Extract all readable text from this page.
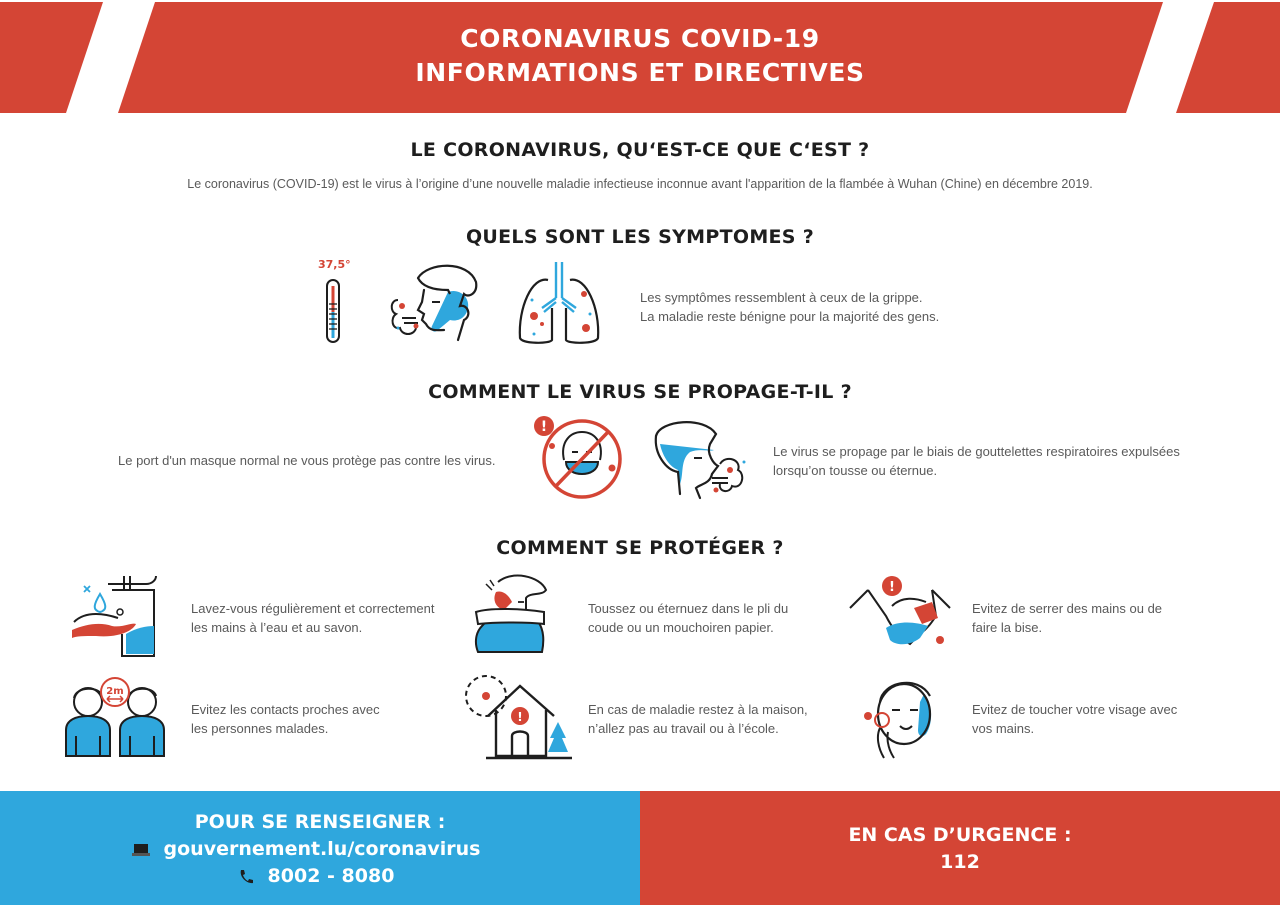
CORONAVIRUS COVID-19
INFORMATIONS ET DIRECTIVES
LE CORONAVIRUS, QU‘EST-CE QUE C‘EST ?
Le coronavirus (COVID-19) est le virus à l’origine d’une nouvelle maladie infectieuse inconnue avant l'apparition de la flambée à Wuhan (Chine) en décembre 2019.
QUELS SONT LES SYMPTOMES ?
37,5°
Les symptômes ressemblent à ceux de la grippe.
La maladie reste bénigne pour la majorité des gens.
COMMENT LE VIRUS SE PROPAGE-T-IL ?
Le port d'un masque normal ne vous protège pas contre les virus.
!
Le virus se propage par le biais de gouttelettes respiratoires expulsées
lorsqu’on tousse ou éternue.
COMMENT SE PROTÉGER ?
Lavez-vous régulièrement et correctement
les mains à l’eau et au savon.
Toussez ou éternuez dans le pli du
coude ou un mouchoiren papier.
!
Evitez de serrer des mains ou de
faire la bise.
2m
Evitez les contacts proches avec
les personnes malades.
!	En cas de maladie restez à la maison,
n’allez pas au travail ou à l’école.
Evitez de toucher votre visage avec
vos mains.
POUR SE RENSEIGNER :
gouvernement.lu/coronavirus
8002 - 8080
EN CAS D’URGENCE :
112
